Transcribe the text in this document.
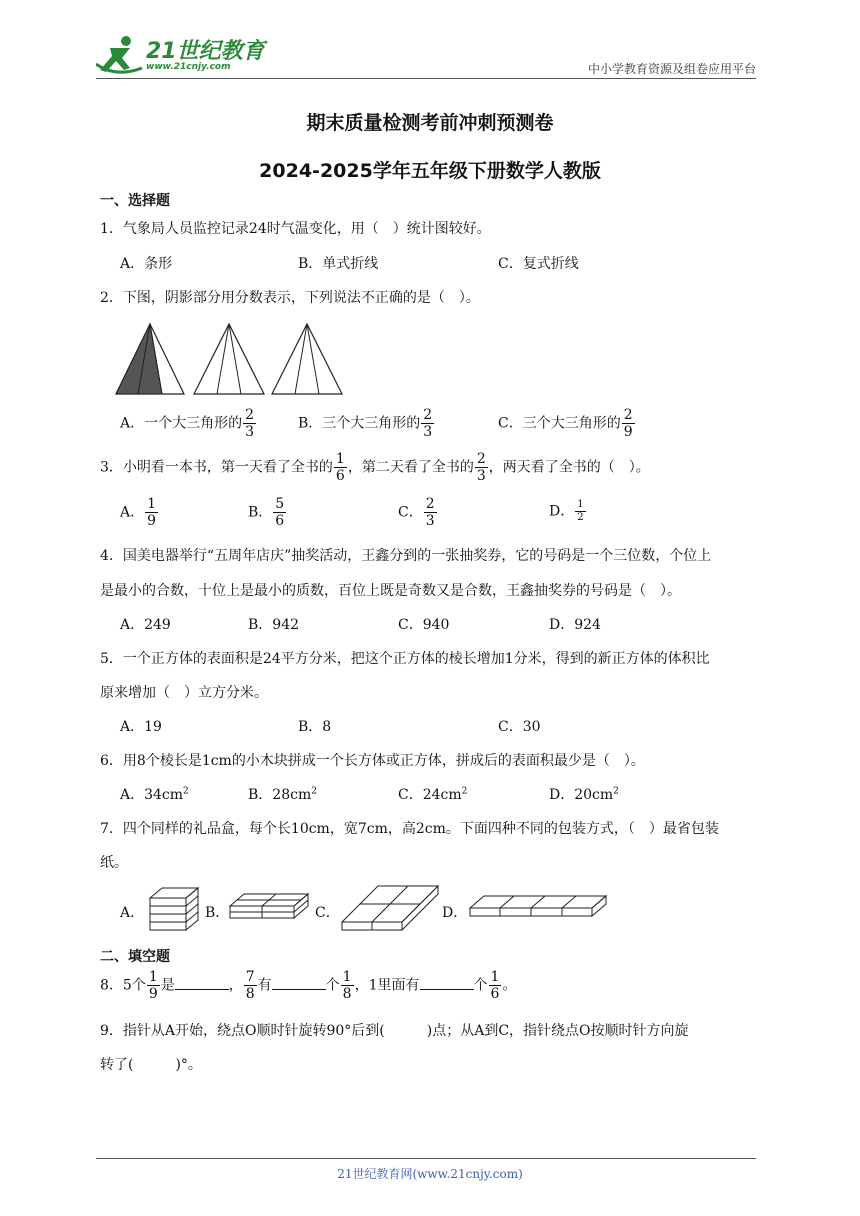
21世纪教育
www.21cnjy.com	中小学教育资源及组卷应用平台
期末质量检测考前冲刺预测卷
2024-2025学年五年级下册数学人教版
一、选择题
1．气象局人员监控记录24时气温变化，用（　）统计图较好。
A．条形	B．单式折线	C．复式折线
2．下图，阴影部分用分数表示，下列说法不正确的是（　）。
A．一个大三角形的 $\frac{2}{3}$	B．三个大三角形的 $\frac{2}{3}$	C．三个大三角形的 $\frac{2}{9}$
3．小明看一本书，第一天看了全书的 $\frac{1}{6}$ ，第二天看了全书的 $\frac{2}{3}$ ，两天看了全书的（　）。
A． $\frac{1}{9}$	B． $\frac{5}{6}$	C． $\frac{2}{3}$	D． $\frac{1}{2}$
4．国美电器举行“五周年店庆”抽奖活动，王鑫分到的一张抽奖券，它的号码是一个三位数，个位上
是最小的合数，十位上是最小的质数，百位上既是奇数又是合数，王鑫抽奖券的号码是（　）。
A．249	B．942	C．940	D．924
5．一个正方体的表面积是24平方分米，把这个正方体的棱长增加1分米，得到的新正方体的体积比
原来增加（　）立方分米。
A．19	B．8	C．30
6．用8个棱长是1cm的小木块拼成一个长方体或正方体，拼成后的表面积最少是（　）。
A．$34cm^2$	B．$28cm^2$	C．$24cm^2$	D．$20cm^2$
7．四个同样的礼品盒，每个长10cm，宽7cm，高2cm。下面四种不同的包装方式，（　）最省包装
纸。
A．	B．	C．	D．
二、填空题
8．5个 $\frac{1}{9}$ 是	， $\frac{7}{8}$ 有	个 $\frac{1}{8}$ ，1里面有	个 $\frac{1}{6}$ 。
9．指针从A开始，绕点O顺时针旋转90°后到(　　　)点；从A到C，指针绕点O按顺时针方向旋
转了(　　　)°。
21世纪教育网(www.21cnjy.com)
